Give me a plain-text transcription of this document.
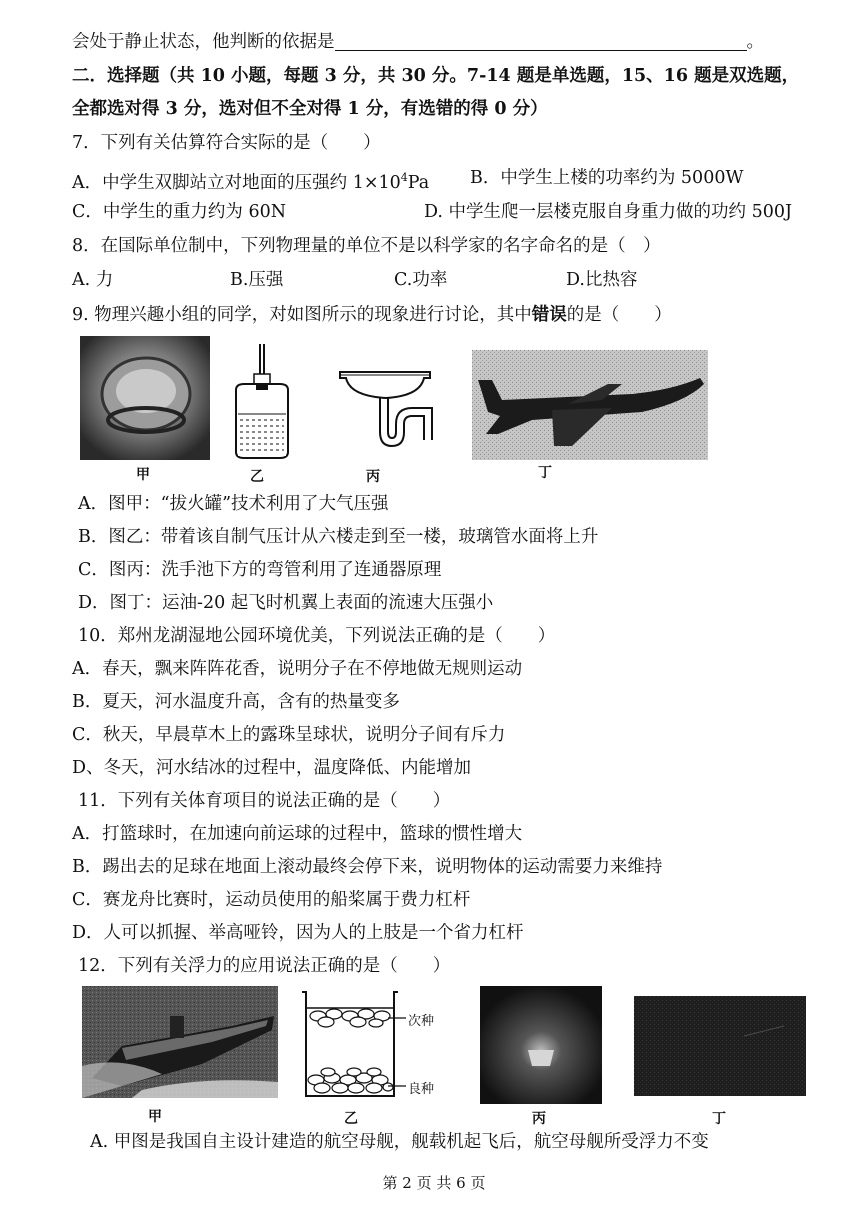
会处于静止状态，他判断的依据是	。
二．选择题（共 10 小题，每题 3 分，共 30 分。7-14 题是单选题，15、16 题是双选题，
全都选对得 3 分，选对但不全对得 1 分，有选错的得 0 分）
7．下列有关估算符合实际的是（　　）
A．中学生双脚站立对地面的压强约 $1\times 10^4Pa$ B．中学生上楼的功率约为 5000W
C．中学生的重力约为 60N	D. 中学生爬一层楼克服自身重力做的功约 500J
8．在国际单位制中，下列物理量的单位不是以科学家的名字命名的是（　）
A. 力	B.压强	C.功率	D.比热容
9. 物理兴趣小组的同学，对如图所示的现象进行讨论，其中错误的是（　　）
甲	乙	丙	丁
A．图甲：“拔火罐”技术利用了大气压强
B．图乙：带着该自制气压计从六楼走到至一楼，玻璃管水面将上升
C．图丙：洗手池下方的弯管利用了连通器原理
D．图丁：运油-20 起飞时机翼上表面的流速大压强小
10．郑州龙湖湿地公园环境优美，下列说法正确的是（　　）
A．春天，飘来阵阵花香，说明分子在不停地做无规则运动
B．夏天，河水温度升高，含有的热量变多
C．秋天，早晨草木上的露珠呈球状，说明分子间有斥力
D、冬天，河水结冰的过程中，温度降低、内能增加
11．下列有关体育项目的说法正确的是（　　）
A．打篮球时，在加速向前运球的过程中，篮球的惯性增大
B．踢出去的足球在地面上滚动最终会停下来，说明物体的运动需要力来维持
C．赛龙舟比赛时，运动员使用的船桨属于费力杠杆
D．人可以抓握、举高哑铃，因为人的上肢是一个省力杠杆
12．下列有关浮力的应用说法正确的是（　　）
甲
次种
良种
乙	丙	丁
A. 甲图是我国自主设计建造的航空母舰，舰载机起飞后，航空母舰所受浮力不变
第 2 页 共 6 页
